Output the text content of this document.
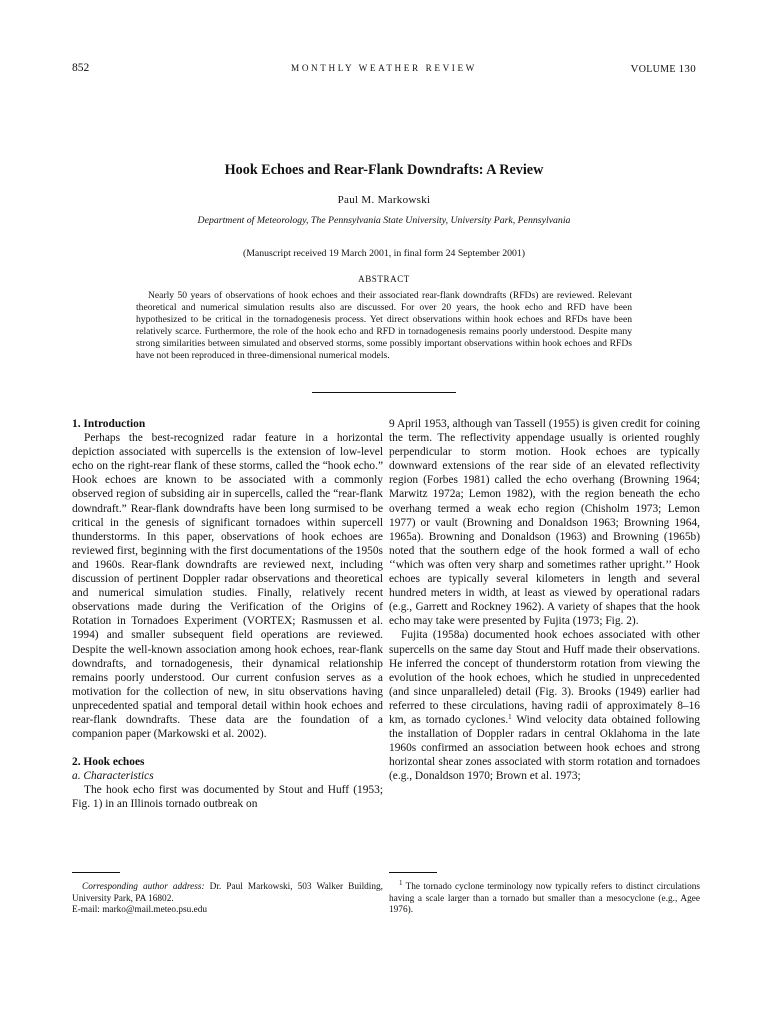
852	MONTHLY WEATHER REVIEW	VOLUME 130
Hook Echoes and Rear-Flank Downdrafts: A Review
Paul M. Markowski
Department of Meteorology, The Pennsylvania State University, University Park, Pennsylvania
(Manuscript received 19 March 2001, in final form 24 September 2001)
ABSTRACT
Nearly 50 years of observations of hook echoes and their associated rear-flank downdrafts (RFDs) are reviewed. Relevant theoretical and numerical simulation results also are discussed. For over 20 years, the hook echo and RFD have been hypothesized to be critical in the tornadogenesis process. Yet direct observations within hook echoes and RFDs have been relatively scarce. Furthermore, the role of the hook echo and RFD in tornadogenesis remains poorly understood. Despite many strong similarities between simulated and observed storms, some possibly important observations within hook echoes and RFDs have not been reproduced in three-dimensional numerical models.
1. Introduction

Perhaps the best-recognized radar feature in a horizontal depiction associated with supercells is the extension of low-level echo on the right-rear flank of these storms, called the “hook echo.” Hook echoes are known to be associated with a commonly observed region of subsiding air in supercells, called the “rear-flank downdraft.” Rear-flank downdrafts have been long surmised to be critical in the genesis of significant tornadoes within supercell thunderstorms. In this paper, observations of hook echoes are reviewed first, beginning with the first documentations of the 1950s and 1960s. Rear-flank downdrafts are reviewed next, including discussion of pertinent Doppler radar observations and theoretical and numerical simulation studies. Finally, relatively recent observations made during the Verification of the Origins of Rotation in Tornadoes Experiment (VORTEX; Rasmussen et al. 1994) and smaller subsequent field operations are reviewed. Despite the well-known association among hook echoes, rear-flank downdrafts, and tornadogenesis, their dynamical relationship remains poorly understood. Our current confusion serves as a motivation for the collection of new, in situ observations having unprecedented spatial and temporal detail within hook echoes and rear-flank downdrafts. These data are the foundation of a companion paper (Markowski et al. 2002).

2. Hook echoes
a. Characteristics

The hook echo first was documented by Stout and Huff (1953; Fig. 1) in an Illinois tornado outbreak on

9 April 1953, although van Tassell (1955) is given credit for coining the term. The reflectivity appendage usually is oriented roughly perpendicular to storm motion. Hook echoes are typically downward extensions of the rear side of an elevated reflectivity region (Forbes 1981) called the echo overhang (Browning 1964; Marwitz 1972a; Lemon 1982), with the region beneath the echo overhang termed a weak echo region (Chisholm 1973; Lemon 1977) or vault (Browning and Donaldson 1963; Browning 1964, 1965a). Browning and Donaldson (1963) and Browning (1965b) noted that the southern edge of the hook formed a wall of echo ‘‘which was often very sharp and sometimes rather upright.’’ Hook echoes are typically several kilometers in length and several hundred meters in width, at least as viewed by operational radars (e.g., Garrett and Rockney 1962). A variety of shapes that the hook echo may take were presented by Fujita (1973; Fig. 2).

Fujita (1958a) documented hook echoes associated with other supercells on the same day Stout and Huff made their observations. He inferred the concept of thunderstorm rotation from viewing the evolution of the hook echoes, which he studied in unprecedented (and since unparalleled) detail (Fig. 3). Brooks (1949) earlier had referred to these circulations, having radii of approximately 8–16 km, as tornado cyclones.$^1$ Wind velocity data obtained following the installation of Doppler radars in central Oklahoma in the late 1960s confirmed an association between hook echoes and strong horizontal shear zones associated with storm rotation and tornadoes (e.g., Donaldson 1970; Brown et al. 1973;

Corresponding author address: Dr. Paul Markowski, 503 Walker Building, University Park, PA 16802.

E-mail: marko@mail.meteo.psu.edu

$^1$ The tornado cyclone terminology now typically refers to distinct circulations having a scale larger than a tornado but smaller than a mesocyclone (e.g., Agee 1976).
